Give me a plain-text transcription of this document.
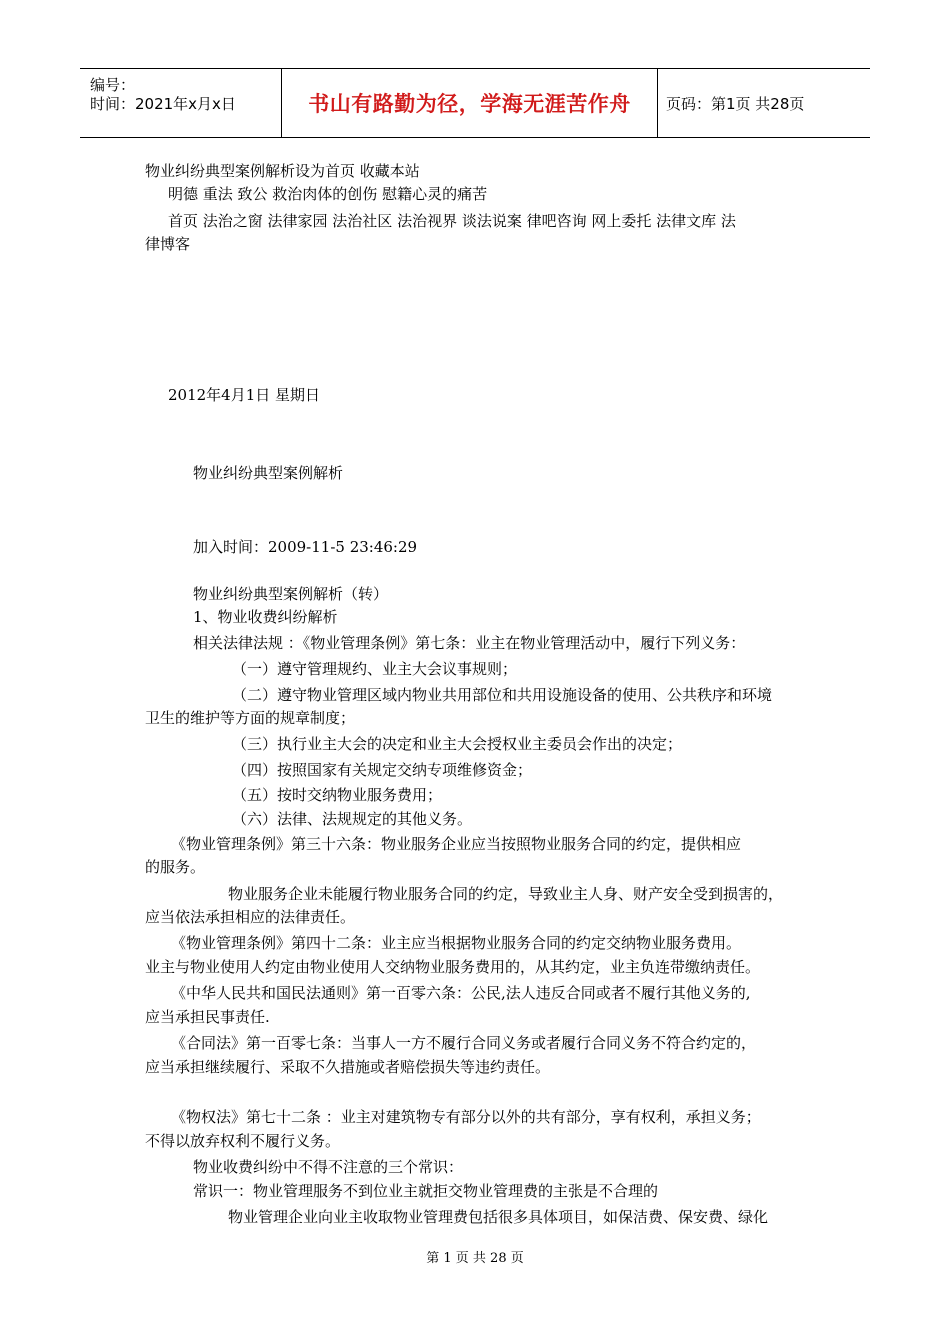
编号：
时间：2021年x月x日	书山有路勤为径，学海无涯苦作舟 页码：第1页 共28页
物业纠纷典型案例解析设为首页 收藏本站
明德 重法 致公 救治肉体的创伤 慰籍心灵的痛苦
首页 法治之窗 法律家园 法治社区 法治视界 谈法说案 律吧咨询 网上委托 法律文库 法
律博客
2012年4月1日 星期日
物业纠纷典型案例解析
加入时间：2009-11-5 23:46:29
物业纠纷典型案例解析（转）
1、物业收费纠纷解析
相关法律法规 ：《物业管理条例》第七条：业主在物业管理活动中，履行下列义务：
（一）遵守管理规约、业主大会议事规则；
（二）遵守物业管理区域内物业共用部位和共用设施设备的使用、公共秩序和环境
卫生的维护等方面的规章制度；
（三）执行业主大会的决定和业主大会授权业主委员会作出的决定；
（四）按照国家有关规定交纳专项维修资金；
（五）按时交纳物业服务费用；
（六）法律、法规规定的其他义务。
《物业管理条例》第三十六条：物业服务企业应当按照物业服务合同的约定，提供相应
的服务。
物业服务企业未能履行物业服务合同的约定，导致业主人身、财产安全受到损害的，
应当依法承担相应的法律责任。
《物业管理条例》第四十二条：业主应当根据物业服务合同的约定交纳物业服务费用。
业主与物业使用人约定由物业使用人交纳物业服务费用的，从其约定，业主负连带缴纳责任。
《中华人民共和国民法通则》第一百零六条：公民,法人违反合同或者不履行其他义务的,
应当承担民事责任.
《合同法》第一百零七条：当事人一方不履行合同义务或者履行合同义务不符合约定的，
应当承担继续履行、采取不久措施或者赔偿损失等违约责任。
《物权法》第七十二条 ：业主对建筑物专有部分以外的共有部分，享有权利，承担义务；
不得以放弃权利不履行义务。
物业收费纠纷中不得不注意的三个常识：
常识一：物业管理服务不到位业主就拒交物业管理费的主张是不合理的
物业管理企业向业主收取物业管理费包括很多具体项目，如保洁费、保安费、绿化
第 1 页 共 28 页
